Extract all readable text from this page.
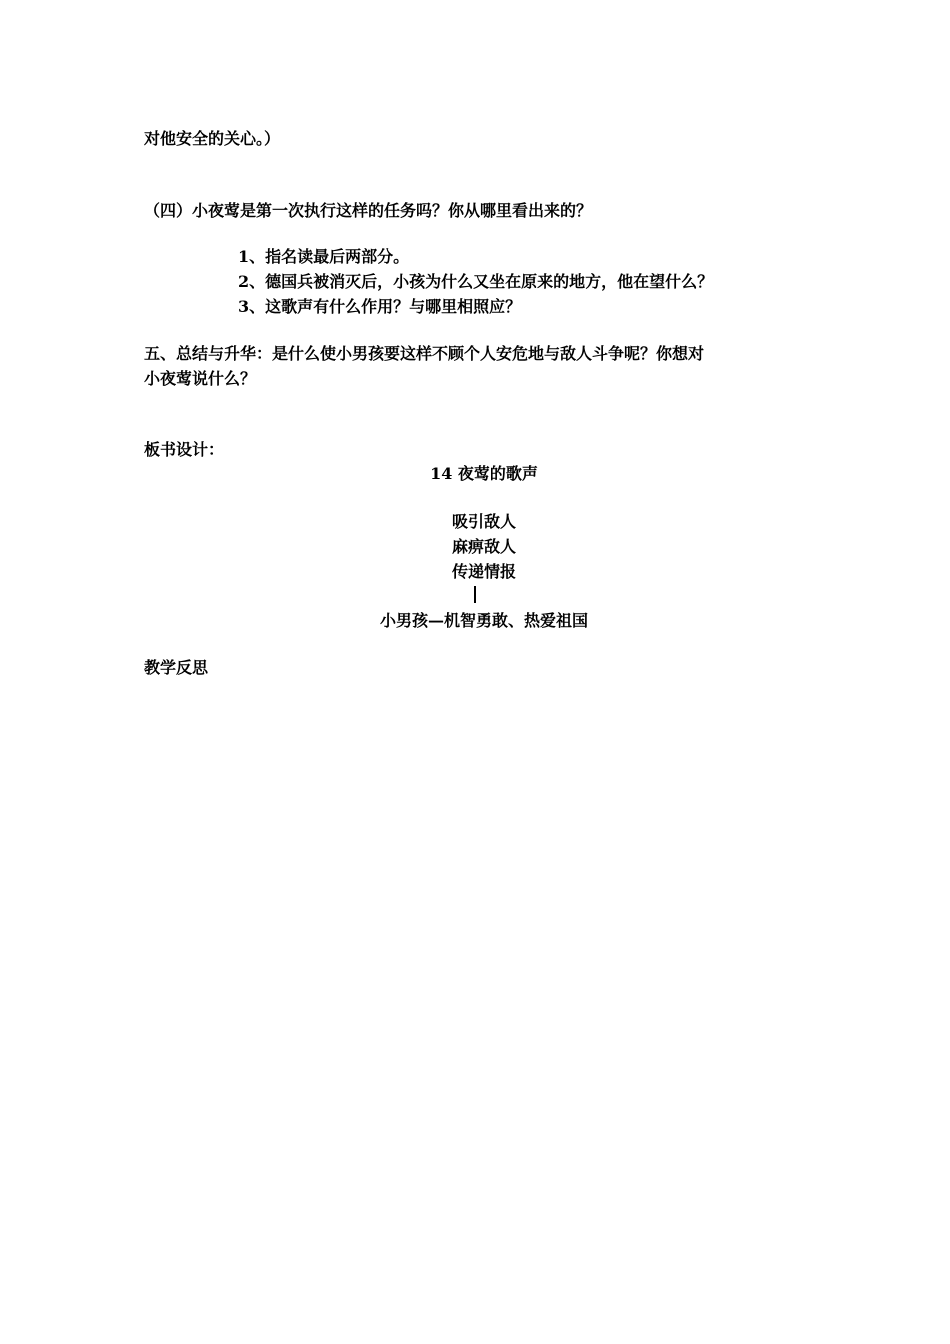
对他安全的关心。）
（四）小夜莺是第一次执行这样的任务吗？你从哪里看出来的？
1、指名读最后两部分。
2、德国兵被消灭后，小孩为什么又坐在原来的地方，他在望什么？
3、这歌声有什么作用？与哪里相照应？
五、总结与升华：是什么使小男孩要这样不顾个人安危地与敌人斗争呢？你想对
小夜莺说什么？
板书设计：
14 夜莺的歌声
吸引敌人
麻痹敌人
传递情报
小男孩—机智勇敢、热爱祖国
教学反思
